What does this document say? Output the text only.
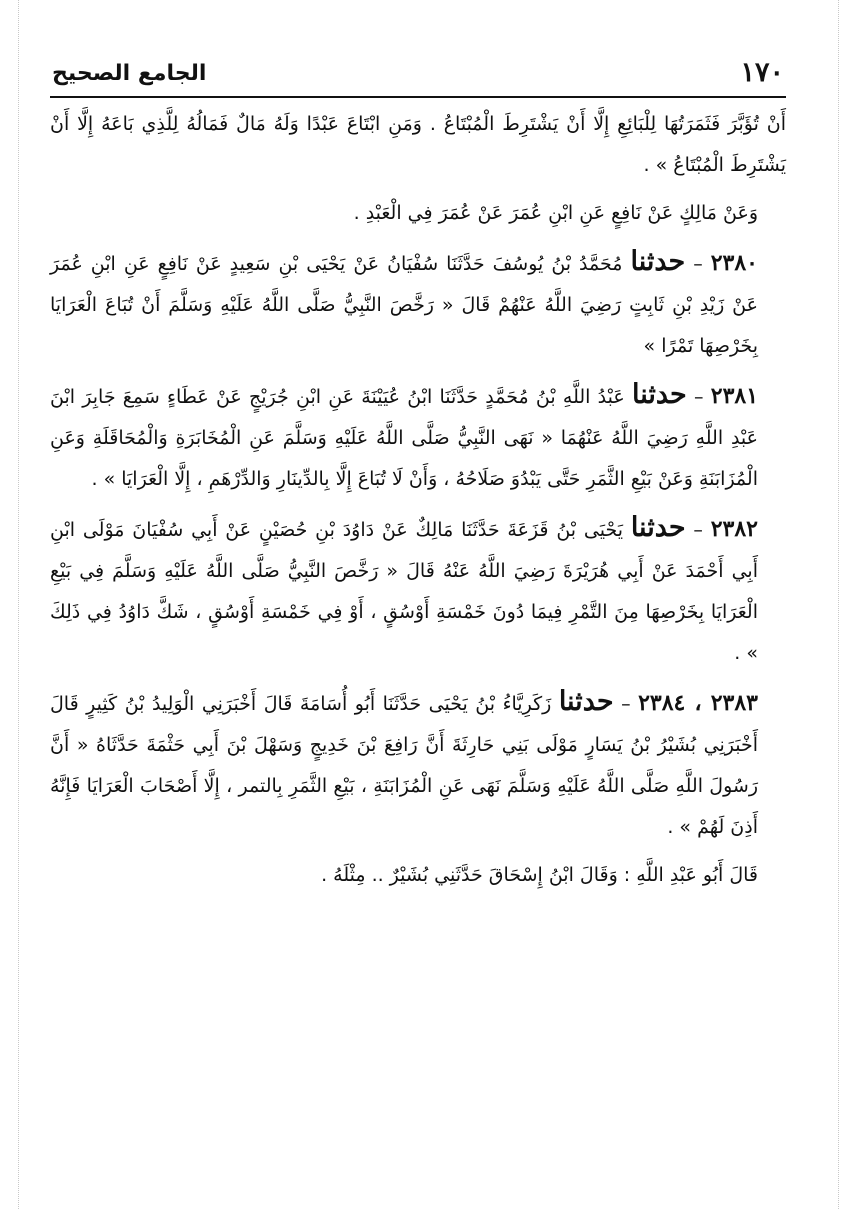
١٧٠
الجامع الصحيح

أَنْ تُؤَبَّرَ فَثَمَرَتُهَا لِلْبَائِعِ إِلَّا أَنْ يَشْتَرِطَ الْمُبْتَاعُ . وَمَنِ ابْتَاعَ عَبْدًا وَلَهُ مَالٌ فَمَالُهُ لِلَّذِي بَاعَهُ إِلَّا أَنْ يَشْتَرِطَ الْمُبْتَاعُ » .

وَعَنْ مَالِكٍ عَنْ نَافِعٍ عَنِ ابْنِ عُمَرَ عَنْ عُمَرَ فِي الْعَبْدِ .

٢٣٨٠ – حدثنا مُحَمَّدُ بْنُ يُوسُفَ حَدَّثَنَا سُفْيَانُ عَنْ يَحْيَى بْنِ سَعِيدٍ عَنْ نَافِعٍ عَنِ ابْنِ عُمَرَ عَنْ زَيْدِ بْنِ ثَابِتٍ رَضِيَ اللَّهُ عَنْهُمْ قَالَ « رَخَّصَ النَّبِيُّ صَلَّى اللَّهُ عَلَيْهِ وَسَلَّمَ أَنْ تُبَاعَ الْعَرَايَا بِخَرْصِهَا تَمْرًا »

٢٣٨١ – حدثنا عَبْدُ اللَّهِ بْنُ مُحَمَّدٍ حَدَّثَنَا ابْنُ عُيَيْنَةَ عَنِ ابْنِ جُرَيْجٍ عَنْ عَطَاءٍ سَمِعَ جَابِرَ ابْنَ عَبْدِ اللَّهِ رَضِيَ اللَّهُ عَنْهُمَا « نَهَى النَّبِيُّ صَلَّى اللَّهُ عَلَيْهِ وَسَلَّمَ عَنِ الْمُخَابَرَةِ وَالْمُحَاقَلَةِ وَعَنِ الْمُزَابَنَةِ وَعَنْ بَيْعِ الثَّمَرِ حَتَّى يَبْدُوَ صَلَاحُهُ ، وَأَنْ لَا تُبَاعَ إِلَّا بِالدِّينَارِ وَالدِّرْهَمِ ، إِلَّا الْعَرَايَا » .

٢٣٨٢ – حدثنا يَحْيَى بْنُ قَزَعَةَ حَدَّثَنَا مَالِكٌ عَنْ دَاوُدَ بْنِ حُصَيْنٍ عَنْ أَبِي سُفْيَانَ مَوْلَى ابْنِ أَبِي أَحْمَدَ عَنْ أَبِي هُرَيْرَةَ رَضِيَ اللَّهُ عَنْهُ قَالَ « رَخَّصَ النَّبِيُّ صَلَّى اللَّهُ عَلَيْهِ وَسَلَّمَ فِي بَيْعِ الْعَرَايَا بِخَرْصِهَا مِنَ التَّمْرِ فِيمَا دُونَ خَمْسَةِ أَوْسُقٍ ، أَوْ فِي خَمْسَةِ أَوْسُقٍ ، شَكَّ دَاوُدُ فِي ذَلِكَ » .

٢٣٨٣ ، ٢٣٨٤ – حدثنا زَكَرِيَّاءُ بْنُ يَحْيَى حَدَّثَنَا أَبُو أُسَامَةَ قَالَ أَخْبَرَنِي الْوَلِيدُ بْنُ كَثِيرٍ قَالَ أَخْبَرَنِي بُشَيْرُ بْنُ يَسَارٍ مَوْلَى بَنِي حَارِثَةَ أَنَّ رَافِعَ بْنَ خَدِيجٍ وَسَهْلَ بْنَ أَبِي حَثْمَةَ حَدَّثَاهُ « أَنَّ رَسُولَ اللَّهِ صَلَّى اللَّهُ عَلَيْهِ وَسَلَّمَ نَهَى عَنِ الْمُزَابَنَةِ ، بَيْعِ الثَّمَرِ بِالتمر ، إِلَّا أَصْحَابَ الْعَرَايَا فَإِنَّهُ أَذِنَ لَهُمْ » .

قَالَ أَبُو عَبْدِ اللَّهِ : وَقَالَ ابْنُ إِسْحَاقَ حَدَّثَنِي بُشَيْرٌ .. مِثْلَهُ .
